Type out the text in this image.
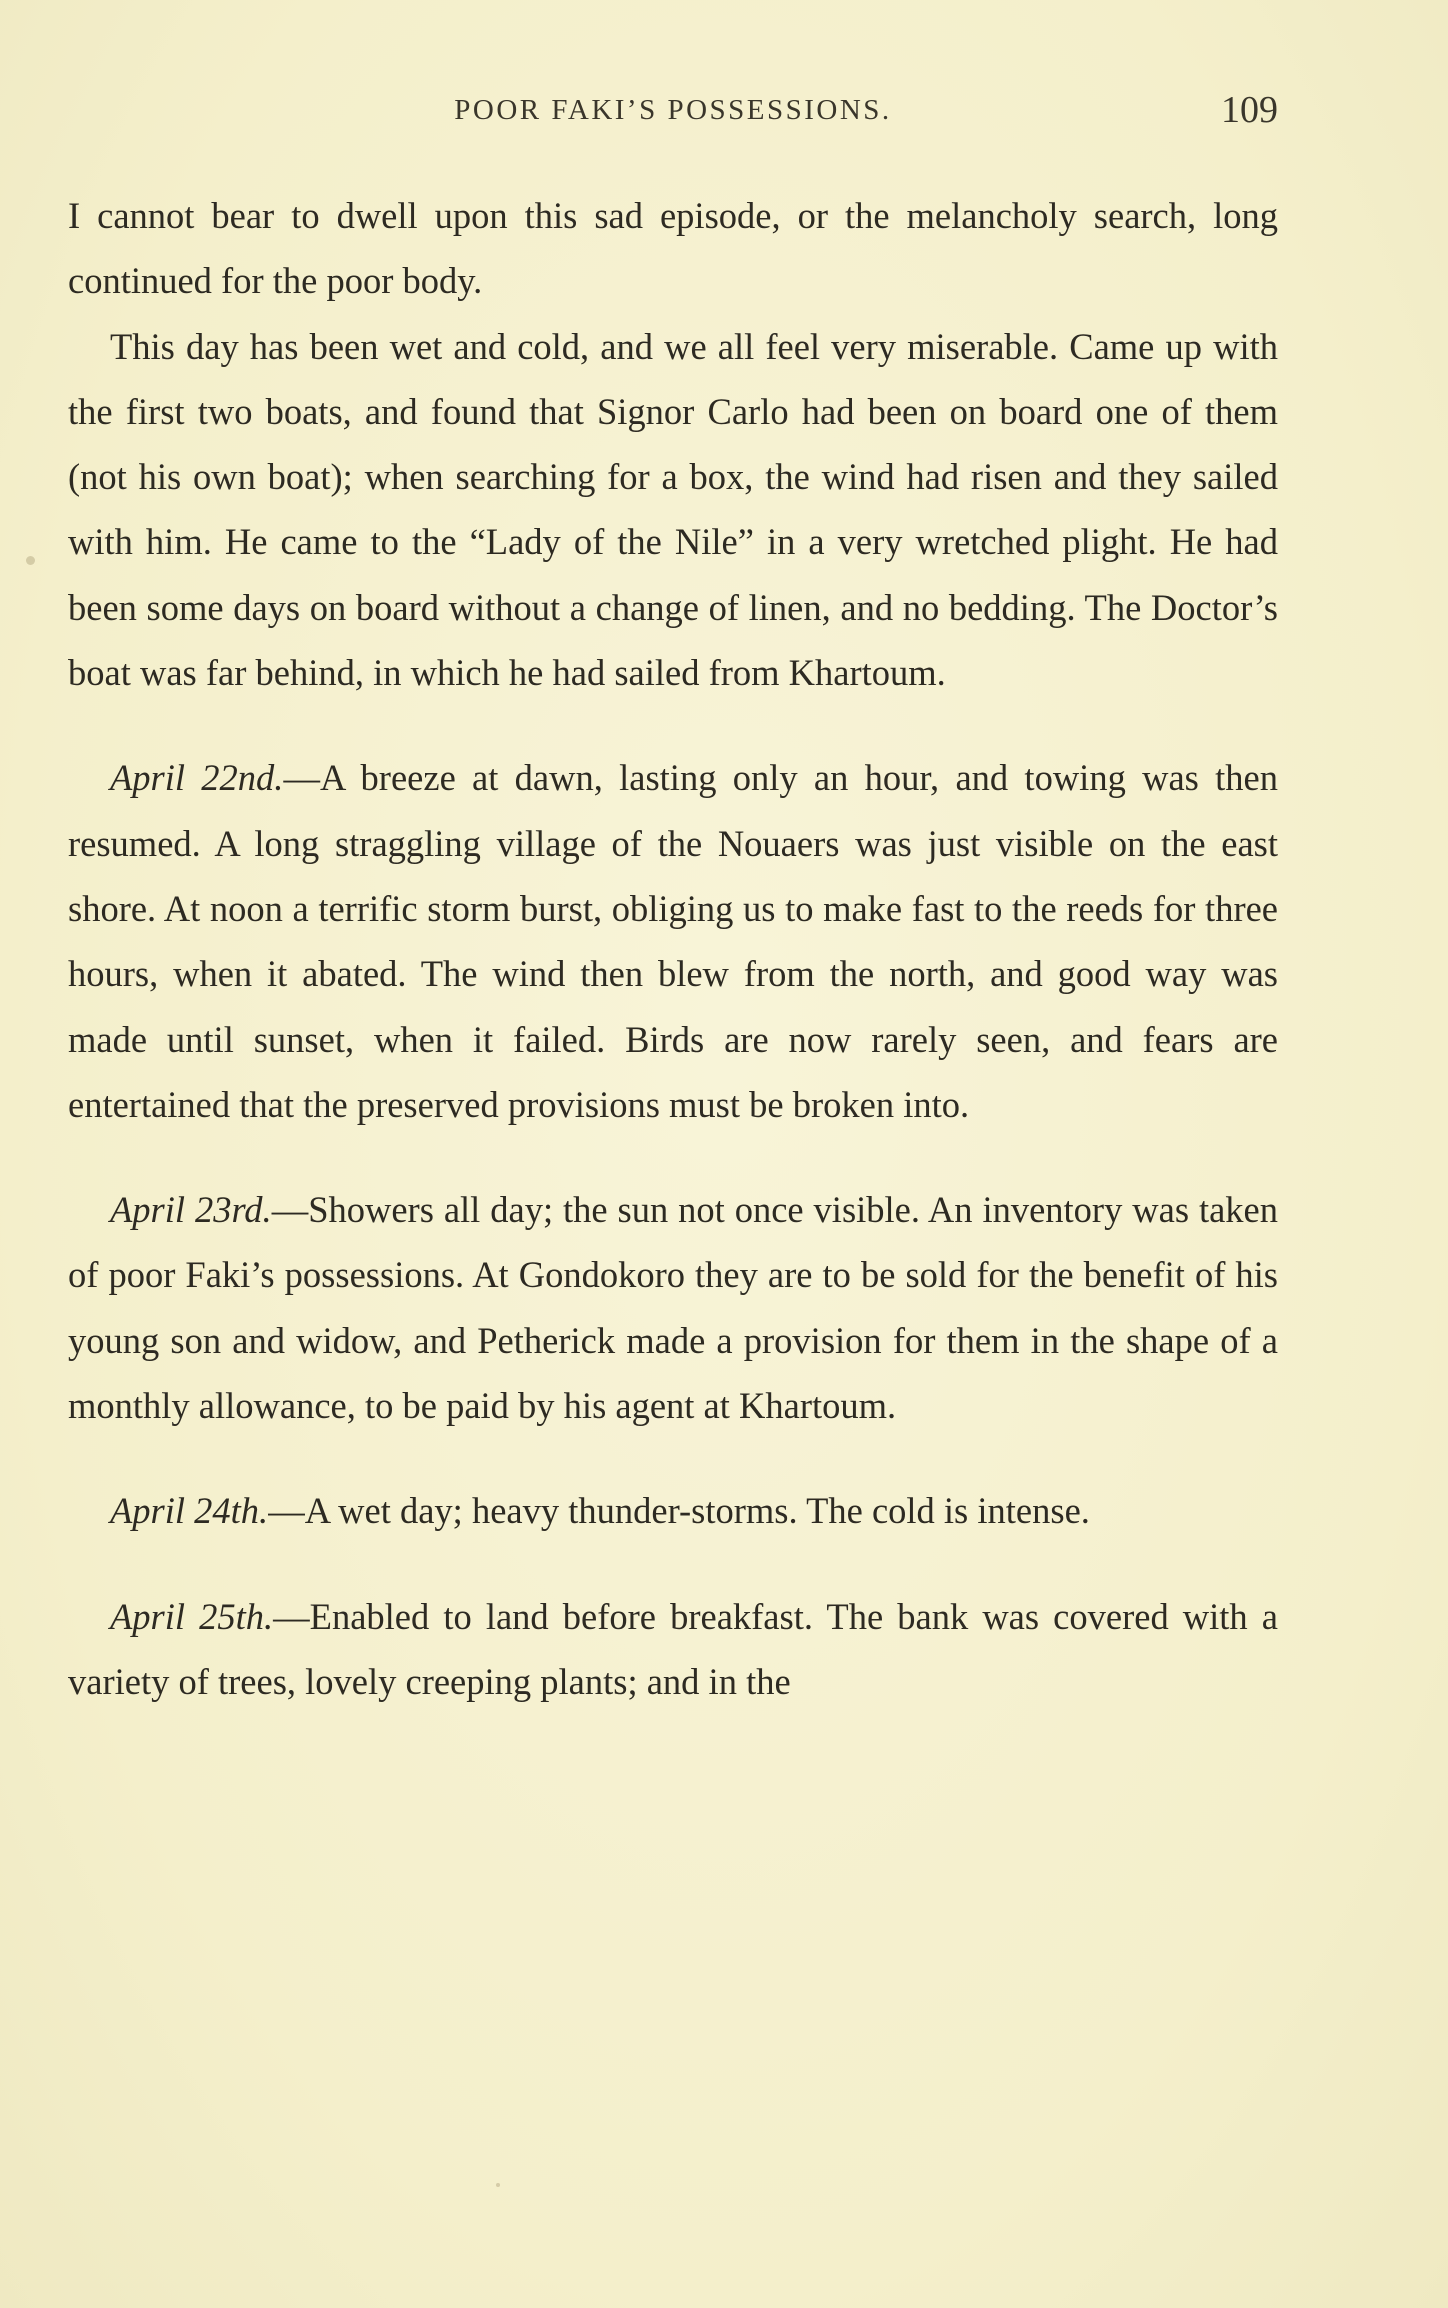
POOR FAKI’S POSSESSIONS.	109

I cannot bear to dwell upon this sad episode, or the melancholy search, long continued for the poor body.

This day has been wet and cold, and we all feel very miserable. Came up with the first two boats, and found that Signor Carlo had been on board one of them (not his own boat); when searching for a box, the wind had risen and they sailed with him. He came to the “Lady of the Nile” in a very wretched plight. He had been some days on board without a change of linen, and no bedding. The Doctor’s boat was far behind, in which he had sailed from Khartoum.

April 22nd.—A breeze at dawn, lasting only an hour, and towing was then resumed. A long straggling village of the Nouaers was just visible on the east shore. At noon a terrific storm burst, obliging us to make fast to the reeds for three hours, when it abated. The wind then blew from the north, and good way was made until sunset, when it failed. Birds are now rarely seen, and fears are entertained that the preserved provisions must be broken into.

April 23rd.—Showers all day; the sun not once visible. An inventory was taken of poor Faki’s possessions. At Gondokoro they are to be sold for the benefit of his young son and widow, and Petherick made a provision for them in the shape of a monthly allowance, to be paid by his agent at Khartoum.

April 24th.—A wet day; heavy thunder-storms. The cold is intense.

April 25th.—Enabled to land before breakfast. The bank was covered with a variety of trees, lovely creeping plants; and in the
